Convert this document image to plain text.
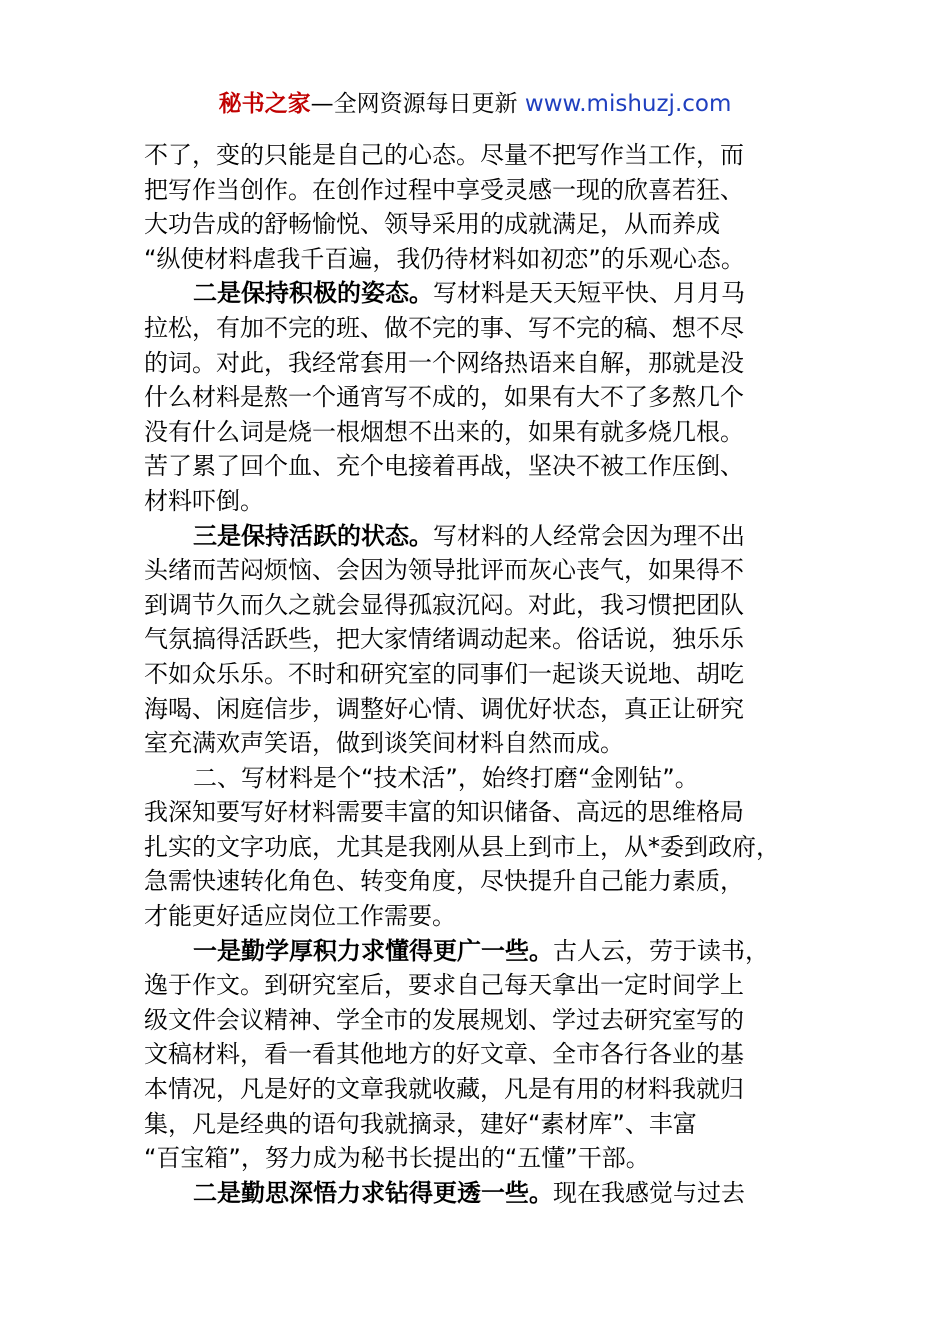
秘书之家—全网资源每日更新 www.mishuzj.com
不了，变的只能是自己的心态。尽量不把写作当工作，而
把写作当创作。在创作过程中享受灵感一现的欣喜若狂、
大功告成的舒畅愉悦、领导采用的成就满足，从而养成
“纵使材料虐我千百遍，我仍待材料如初恋”的乐观心态。
二是保持积极的姿态。写材料是天天短平快、月月马
拉松，有加不完的班、做不完的事、写不完的稿、想不尽
的词。对此，我经常套用一个网络热语来自解，那就是没
什么材料是熬一个通宵写不成的，如果有大不了多熬几个
没有什么词是烧一根烟想不出来的，如果有就多烧几根。
苦了累了回个血、充个电接着再战，坚决不被工作压倒、
材料吓倒。
三是保持活跃的状态。写材料的人经常会因为理不出
头绪而苦闷烦恼、会因为领导批评而灰心丧气，如果得不
到调节久而久之就会显得孤寂沉闷。对此，我习惯把团队
气氛搞得活跃些，把大家情绪调动起来。俗话说，独乐乐
不如众乐乐。不时和研究室的同事们一起谈天说地、胡吃
海喝、闲庭信步，调整好心情、调优好状态，真正让研究
室充满欢声笑语，做到谈笑间材料自然而成。
二、写材料是个“技术活”，始终打磨“金刚钻”。
我深知要写好材料需要丰富的知识储备、高远的思维格局
扎实的文字功底，尤其是我刚从县上到市上，从*委到政府，
急需快速转化角色、转变角度，尽快提升自己能力素质，
才能更好适应岗位工作需要。
一是勤学厚积力求懂得更广一些。古人云，劳于读书，
逸于作文。到研究室后，要求自己每天拿出一定时间学上
级文件会议精神、学全市的发展规划、学过去研究室写的
文稿材料，看一看其他地方的好文章、全市各行各业的基
本情况，凡是好的文章我就收藏，凡是有用的材料我就归
集，凡是经典的语句我就摘录，建好“素材库”、丰富
“百宝箱”，努力成为秘书长提出的“五懂”干部。
二是勤思深悟力求钻得更透一些。现在我感觉与过去
